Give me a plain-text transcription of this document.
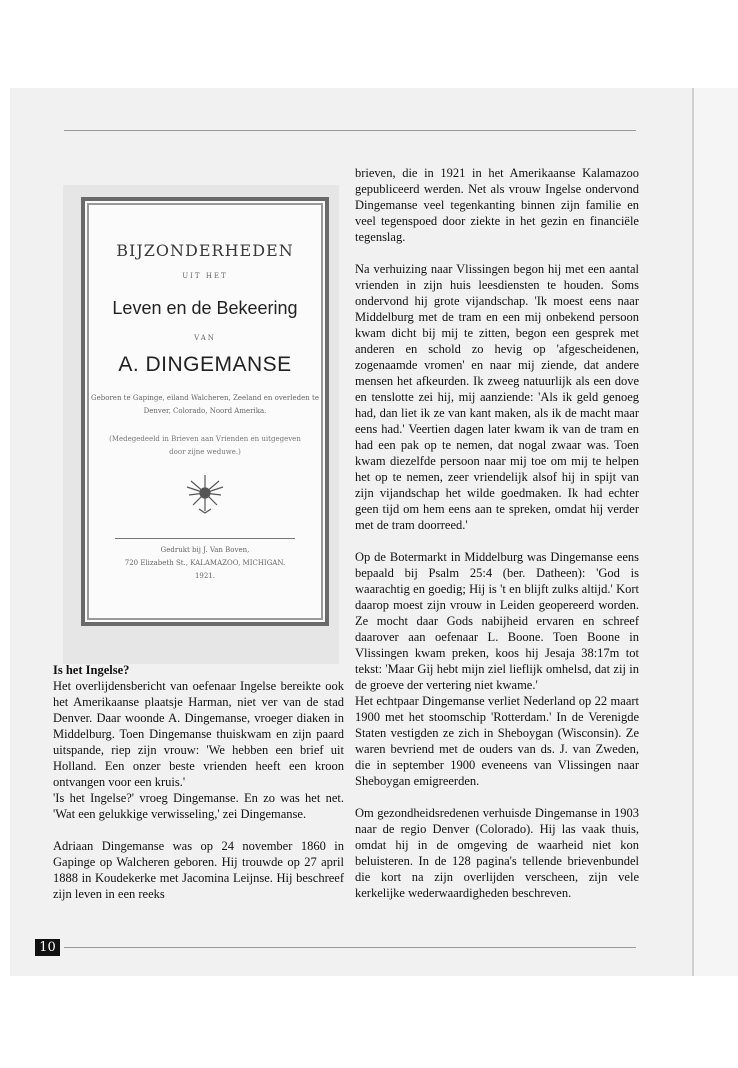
BIJZONDERHEDEN
UIT HET
Leven en de Bekeering
VAN
A. DINGEMANSE
Geboren te Gapinge, eiland Walcheren, Zeeland en overleden te Denver, Colorado, Noord Amerika.
(Medegedeeld in Brieven aan Vrienden en uitgegeven door zijne weduwe.)
Gedrukt bij J. Van Boven,
720 Elizabeth St., KALAMAZOO, MICHIGAN.
1921.

Is het Ingelse?

Het overlijdensbericht van oefenaar Ingelse bereikte ook het Amerikaanse plaatsje Harman, niet ver van de stad Denver. Daar woonde A. Dingemanse, vroeger diaken in Middelburg. Toen Dingemanse thuiskwam en zijn paard uitspande, riep zijn vrouw: 'We hebben een brief uit Holland. Een onzer beste vrienden heeft een kroon ontvangen voor een kruis.'

'Is het Ingelse?' vroeg Dingemanse. En zo was het net. 'Wat een gelukkige verwisseling,' zei Dingemanse.

Adriaan Dingemanse was op 24 november 1860 in Gapinge op Walcheren geboren. Hij trouwde op 27 april 1888 in Koudekerke met Jacomina Leijnse. Hij beschreef zijn leven in een reeks

brieven, die in 1921 in het Amerikaanse Kalamazoo gepubliceerd werden. Net als vrouw Ingelse ondervond Dingemanse veel tegenkanting binnen zijn familie en veel tegenspoed door ziekte in het gezin en financiële tegenslag.

Na verhuizing naar Vlissingen begon hij met een aantal vrienden in zijn huis leesdiensten te houden. Soms ondervond hij grote vijandschap. 'Ik moest eens naar Middelburg met de tram en een mij onbekend persoon kwam dicht bij mij te zitten, begon een gesprek met anderen en schold zo hevig op 'afgescheidenen, zogenaamde vromen' en naar mij ziende, dat andere mensen het afkeurden. Ik zweeg natuurlijk als een dove en tenslotte zei hij, mij aanziende: 'Als ik geld genoeg had, dan liet ik ze van kant maken, als ik de macht maar eens had.' Veertien dagen later kwam ik van de tram en had een pak op te nemen, dat nogal zwaar was. Toen kwam diezelfde persoon naar mij toe om mij te helpen het op te nemen, zeer vriendelijk alsof hij in spijt van zijn vijandschap het wilde goedmaken. Ik had echter geen tijd om hem eens aan te spreken, omdat hij verder met de tram doorreed.'

Op de Botermarkt in Middelburg was Dingemanse eens bepaald bij Psalm 25:4 (ber. Datheen): 'God is waarachtig en goedig; Hij is 't en blijft zulks altijd.' Kort daarop moest zijn vrouw in Leiden geopereerd worden. Ze mocht daar Gods nabijheid ervaren en schreef daarover aan oefenaar L. Boone. Toen Boone in Vlissingen kwam preken, koos hij Jesaja 38:17m tot tekst: 'Maar Gij hebt mijn ziel lieflijk omhelsd, dat zij in de groeve der vertering niet kwame.'

Het echtpaar Dingemanse verliet Nederland op 22 maart 1900 met het stoomschip 'Rotterdam.' In de Verenigde Staten vestigden ze zich in Sheboygan (Wisconsin). Ze waren bevriend met de ouders van ds. J. van Zweden, die in september 1900 eveneens van Vlissingen naar Sheboygan emigreerden.

Om gezondheidsredenen verhuisde Dingemanse in 1903 naar de regio Denver (Colorado). Hij las vaak thuis, omdat hij in de omgeving de waarheid niet kon beluisteren. In de 128 pagina's tellende brievenbundel die kort na zijn overlijden verscheen, zijn vele kerkelijke wederwaardigheden beschreven.

10
